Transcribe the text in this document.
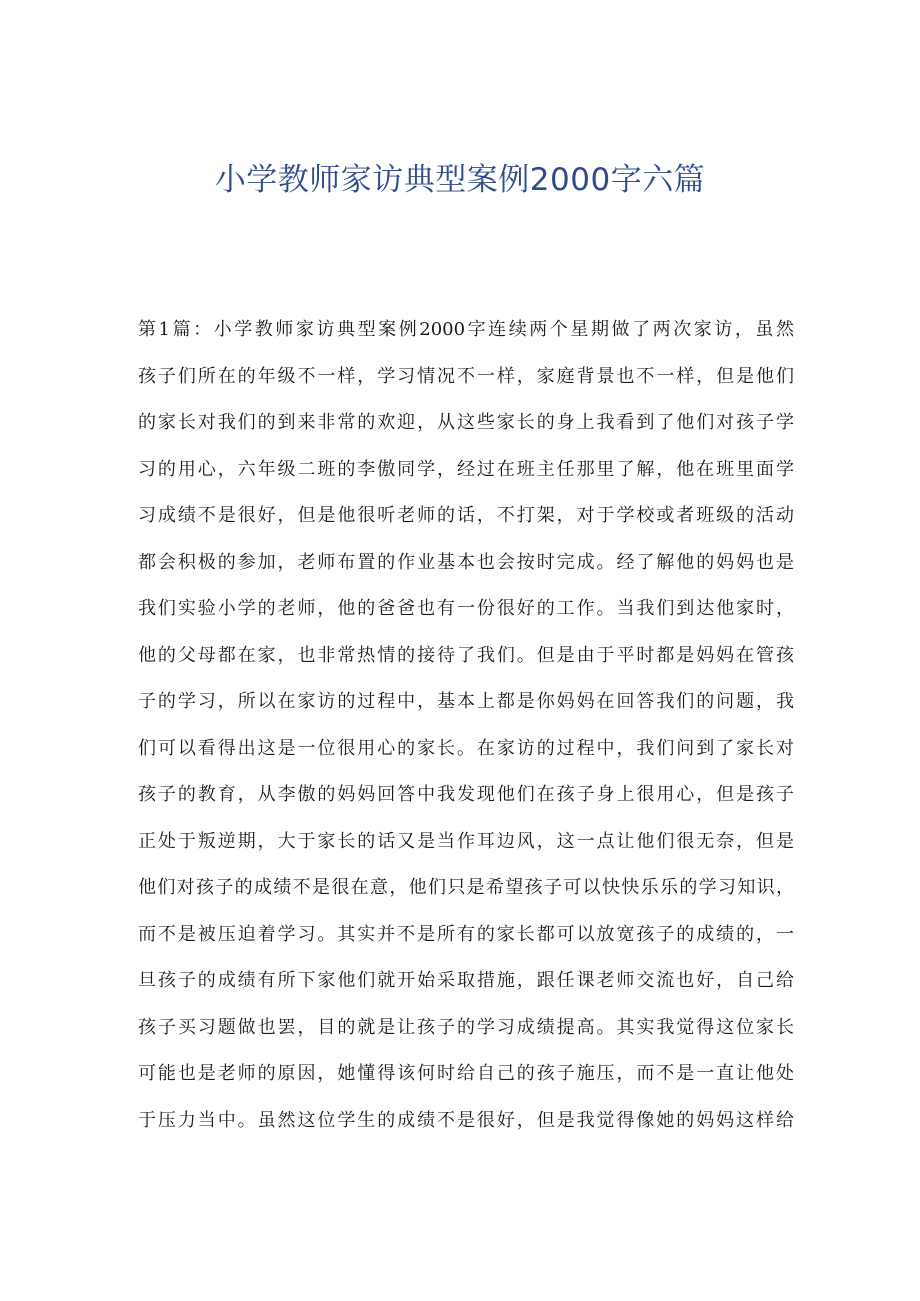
小学教师家访典型案例2000字六篇
第1篇：小学教师家访典型案例2000字连续两个星期做了两次家访，虽然
孩子们所在的年级不一样，学习情况不一样，家庭背景也不一样，但是他们
的家长对我们的到来非常的欢迎，从这些家长的身上我看到了他们对孩子学
习的用心，六年级二班的李傲同学，经过在班主任那里了解，他在班里面学
习成绩不是很好，但是他很听老师的话，不打架，对于学校或者班级的活动
都会积极的参加，老师布置的作业基本也会按时完成。经了解他的妈妈也是
我们实验小学的老师，他的爸爸也有一份很好的工作。当我们到达他家时，
他的父母都在家，也非常热情的接待了我们。但是由于平时都是妈妈在管孩
子的学习，所以在家访的过程中，基本上都是你妈妈在回答我们的问题，我
们可以看得出这是一位很用心的家长。在家访的过程中，我们问到了家长对
孩子的教育，从李傲的妈妈回答中我发现他们在孩子身上很用心，但是孩子
正处于叛逆期，大于家长的话又是当作耳边风，这一点让他们很无奈，但是
他们对孩子的成绩不是很在意，他们只是希望孩子可以快快乐乐的学习知识，
而不是被压迫着学习。其实并不是所有的家长都可以放宽孩子的成绩的，一
旦孩子的成绩有所下家他们就开始采取措施，跟任课老师交流也好，自己给
孩子买习题做也罢，目的就是让孩子的学习成绩提高。其实我觉得这位家长
可能也是老师的原因，她懂得该何时给自己的孩子施压，而不是一直让他处
于压力当中。虽然这位学生的成绩不是很好，但是我觉得像她的妈妈这样给
